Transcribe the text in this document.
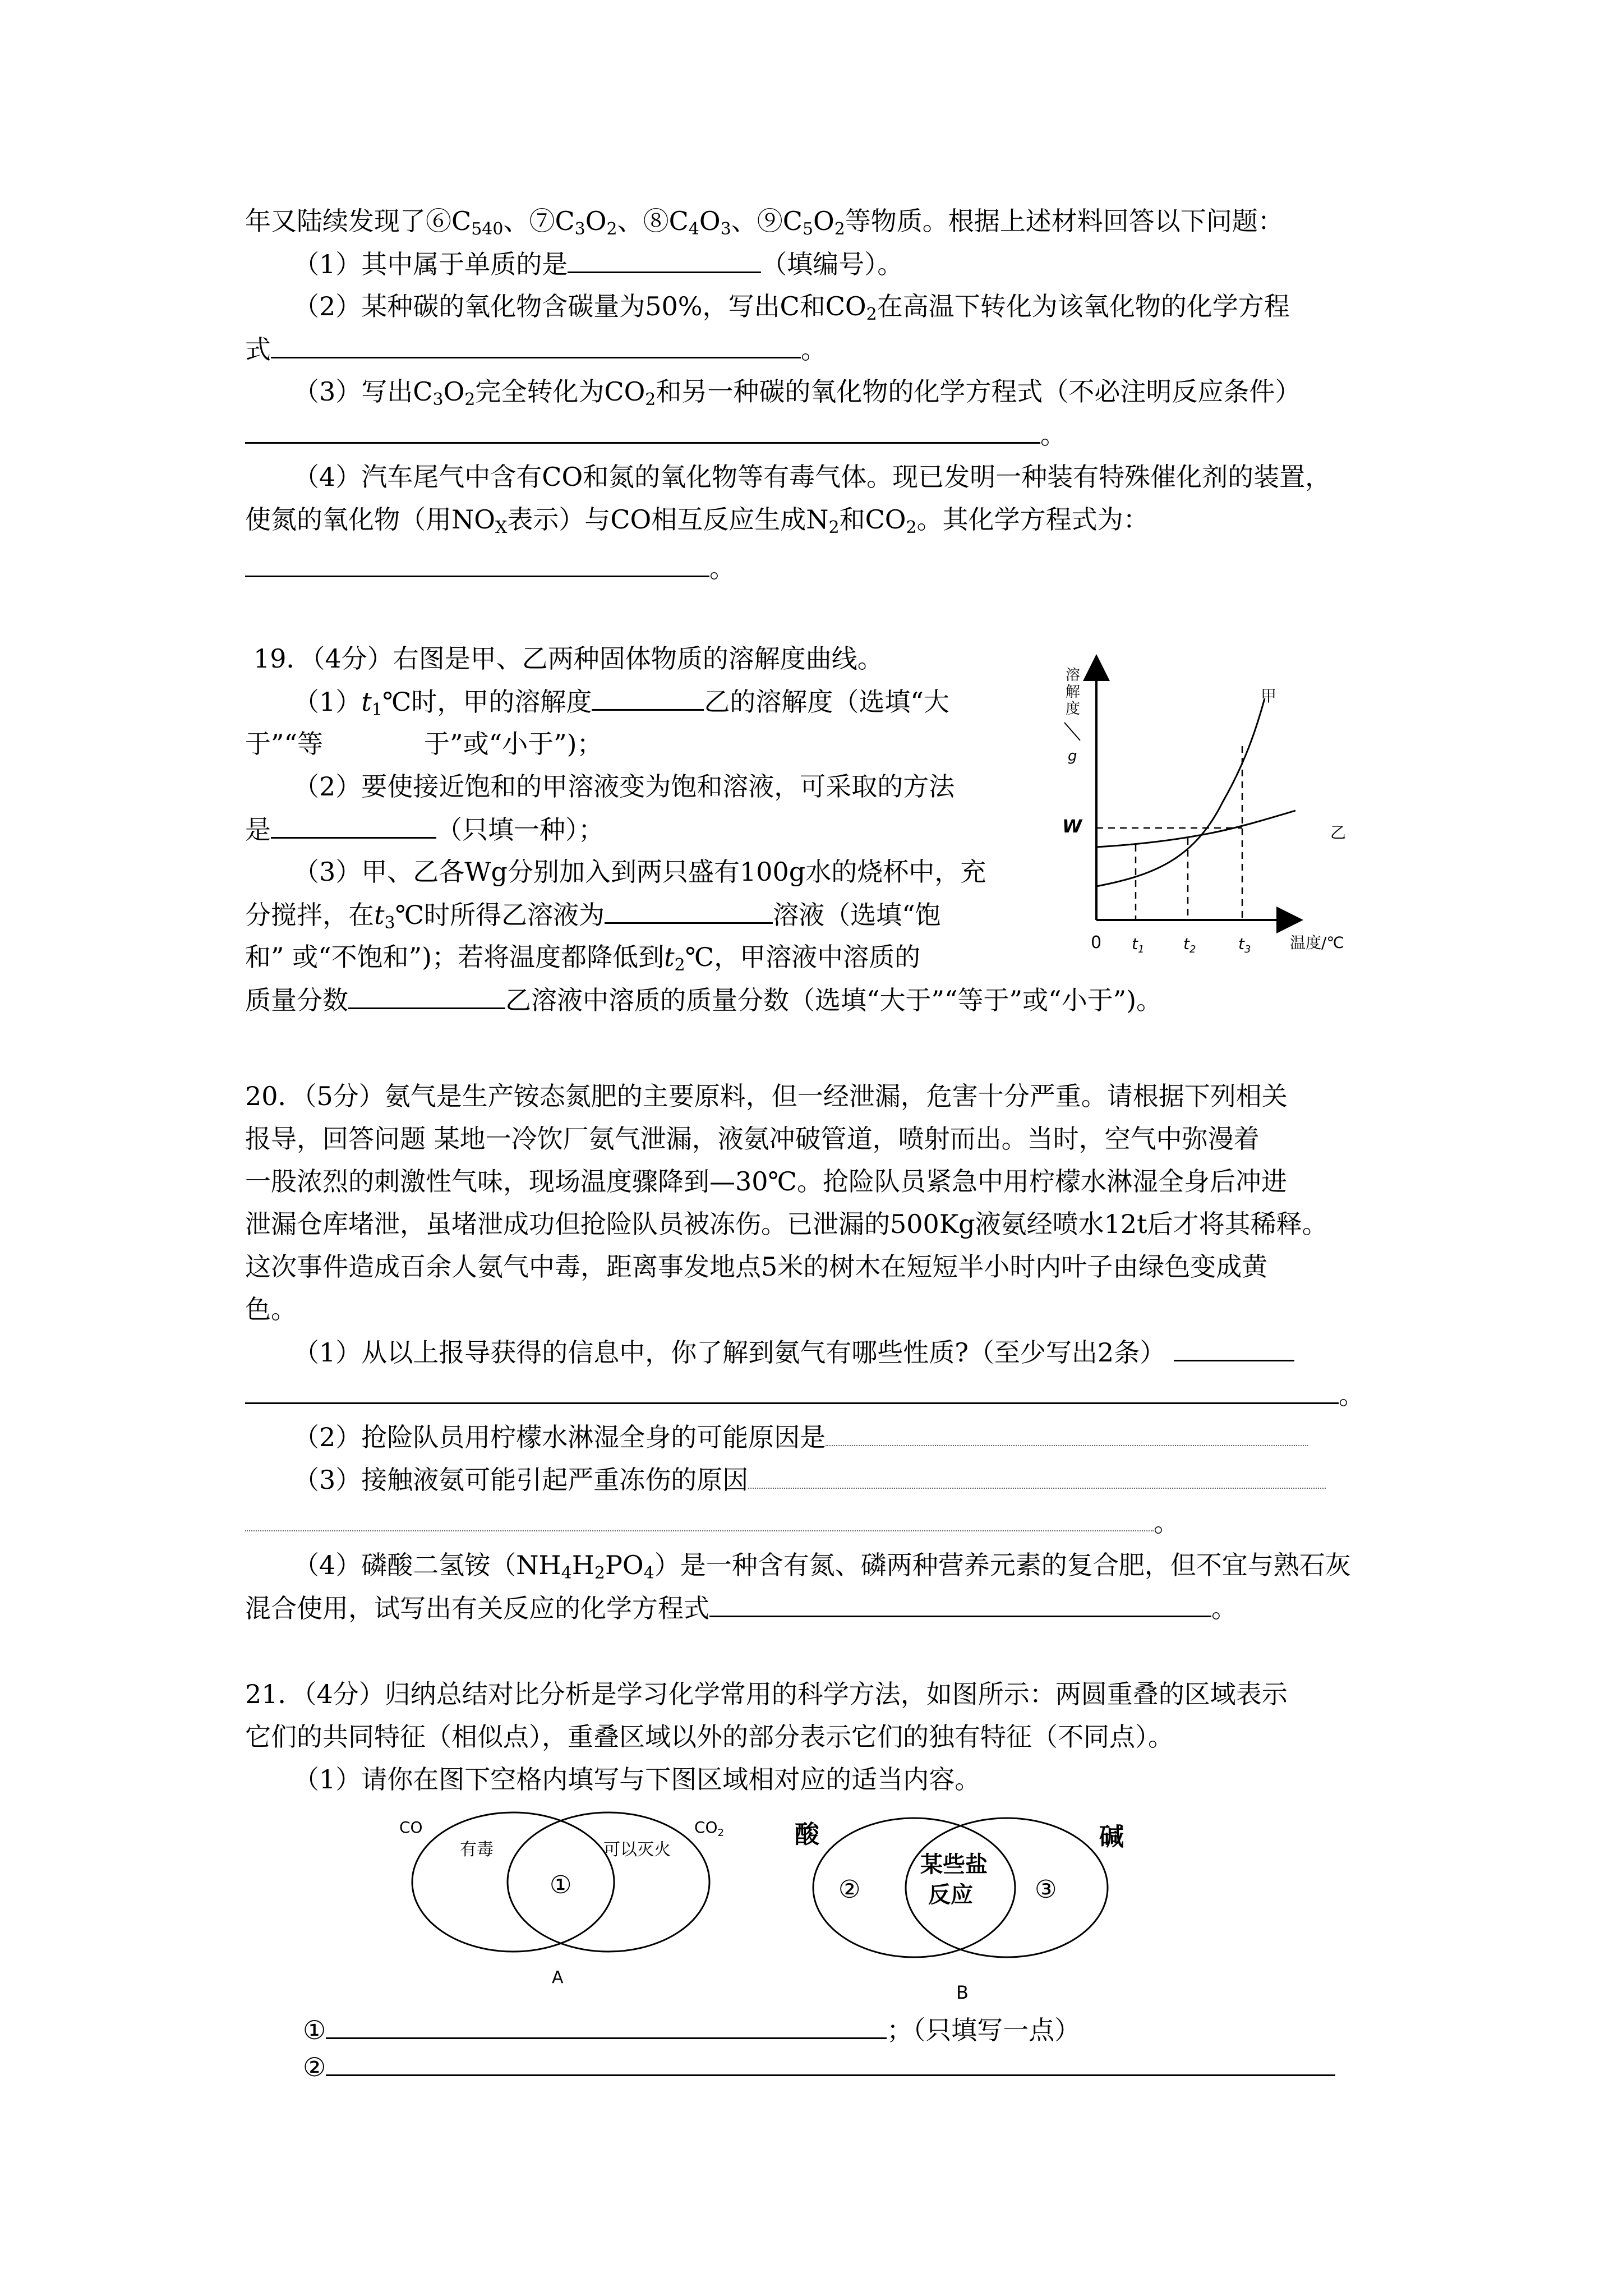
年又陆续发现了$⑥C_{540}$、$⑦C_3O_2$、$⑧C_4O_3$、$⑨C_5O_2$等物质。根据上述材料回答以下问题：
（1）其中属于单质的是	（填编号）。
（2）某种碳的氧化物含碳量为50%，写出C和$CO_2$在高温下转化为该氧化物的化学方程
式	。
（3）写出$C_3O_2$完全转化为$CO_2$和另一种碳的氧化物的化学方程式（不必注明反应条件）
。
（4）汽车尾气中含有CO和氮的氧化物等有毒气体。现已发明一种装有特殊催化剂的装置，
使氮的氧化物（用$NO_X$表示）与CO相互反应生成$N_2$和$CO_2$。其化学方程式为：
。
19．（4分）右图是甲、乙两种固体物质的溶解度曲线。
$(1)t_1℃$时，甲的溶解度	乙的溶解度（选填“大
于”“等	于”或“小于”)；
（2）要使接近饱和的甲溶液变为饱和溶液，可采取的方法
是	（只填一种）；
（3）甲、乙各Wg分别加入到两只盛有100g水的烧杯中，充
分搅拌，在$t_3℃$时所得乙溶液为	溶液（选填“饱
和” 或“不饱和”)；若将温度都降低到$t_2℃$，甲溶液中溶质的
质量分数	乙溶液中溶质的质量分数（选填“大于”“等于”或“小于”)。
溶
解
度
g
0
W
温度/℃
$t_1$ $t_2$	$t_3$
甲
乙
20．（5分）氨气是生产铵态氮肥的主要原料，但一经泄漏，危害十分严重。请根据下列相关
报导，回答问题 某地一冷饮厂氨气泄漏，液氨冲破管道，喷射而出。当时，空气中弥漫着
一股浓烈的刺激性气味，现场温度骤降到—30℃。抢险队员紧急中用柠檬水淋湿全身后冲进
泄漏仓库堵泄，虽堵泄成功但抢险队员被冻伤。已泄漏的500Kg液氨经喷水12t后才将其稀释。
这次事件造成百余人氨气中毒，距离事发地点5米的树木在短短半小时内叶子由绿色变成黄
色。
（1）从以上报导获得的信息中，你了解到氨气有哪些性质?（至少写出2条）
。
（2）抢险队员用柠檬水淋湿全身的可能原因是
（3）接触液氨可能引起严重冻伤的原因
。
（4）磷酸二氢铵$(NH_4H_2PO_4)$是一种含有氮、磷两种营养元素的复合肥，但不宜与熟石灰
混合使用，试写出有关反应的化学方程式	。
21．（4分）归纳总结对比分析是学习化学常用的科学方法，如图所示：两圆重叠的区域表示
它们的共同特征（相似点），重叠区域以外的部分表示它们的独有特征（不同点）。
（1）请你在图下空格内填写与下图区域相对应的适当内容。
CO	$CO_2$
有毒	可以灭火
①
A
酸	碱
②	③
某些盐
反应
B
①	；（只填写一点）
②
